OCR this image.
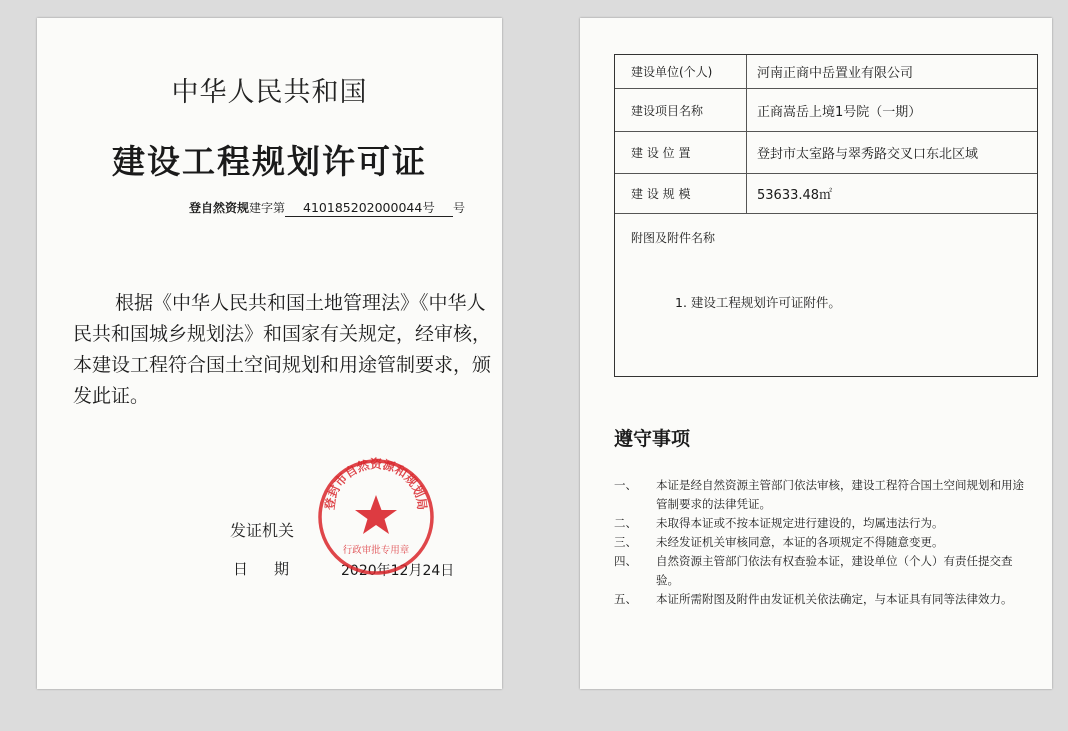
中华人民共和国
建设工程规划许可证
登自然资规建字第 410185202000044号 号

根据《中华人民共和国土地管理法》《中华人民共和国城乡规划法》和国家有关规定，经审核，本建设工程符合国土空间规划和用途管制要求，颁发此证。

发证机关
日期 2020年12月24日
登封市自然资源和规划局
行政审批专用章
建设单位(个人)	河南正商中岳置业有限公司
建设项目名称	正商嵩岳上境1号院（一期）
建 设 位 置	登封市太室路与翠秀路交叉口东北区域
建 设 规 模	53633.48㎡
附图及附件名称
1. 建设工程规划许可证附件。
遵守事项

一、 本证是经自然资源主管部门依法审核，建设工程符合国土空间规划和用途管制要求的法律凭证。

二、 未取得本证或不按本证规定进行建设的，均属违法行为。

三、 未经发证机关审核同意，本证的各项规定不得随意变更。

四、 自然资源主管部门依法有权查验本证，建设单位（个人）有责任提交查验。

五、 本证所需附图及附件由发证机关依法确定，与本证具有同等法律效力。
